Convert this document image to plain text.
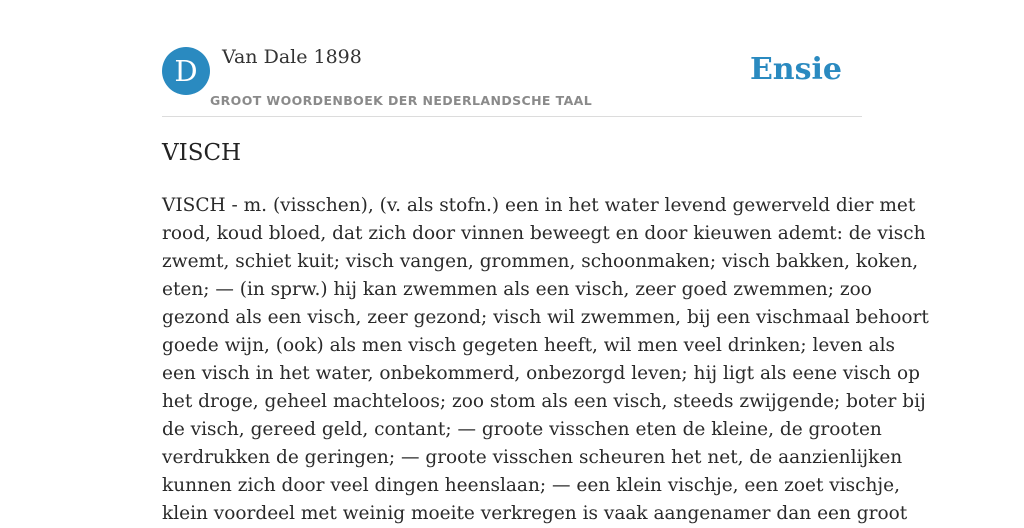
D	Van Dale 1898
GROOT WOORDENBOEK DER NEDERLANDSCHE TAAL
Ensie
VISCH
VISCH - m. (visschen), (v. als stofn.) een in het water levend gewerveld dier met
rood, koud bloed, dat zich door vinnen beweegt en door kieuwen ademt: de visch
zwemt, schiet kuit; visch vangen, grommen, schoonmaken; visch bakken, koken,
eten; — (in sprw.) hij kan zwemmen als een visch, zeer goed zwemmen; zoo
gezond als een visch, zeer gezond; visch wil zwemmen, bij een vischmaal behoort
goede wijn, (ook) als men visch gegeten heeft, wil men veel drinken; leven als
een visch in het water, onbekommerd, onbezorgd leven; hij ligt als eene visch op
het droge, geheel machteloos; zoo stom als een visch, steeds zwijgende; boter bij
de visch, gereed geld, contant; — groote visschen eten de kleine, de grooten
verdrukken de geringen; — groote visschen scheuren het net, de aanzienlijken
kunnen zich door veel dingen heenslaan; — een klein vischje, een zoet vischje,
klein voordeel met weinig moeite verkregen is vaak aangenamer dan een groot
